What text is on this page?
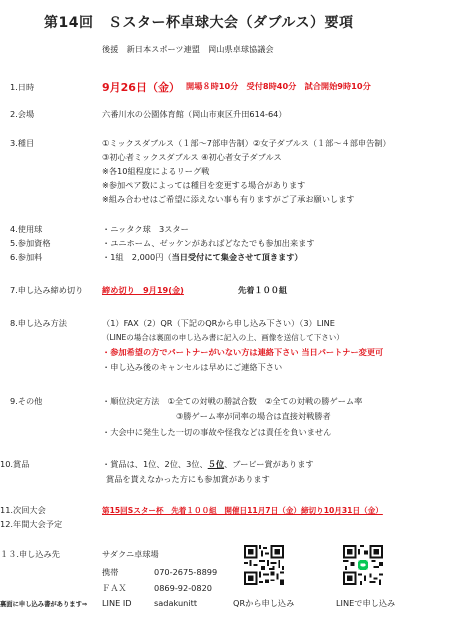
第14回　Ｓスター杯卓球大会（ダブルス）要項
後援　新日本スポーツ連盟　岡山県卓球協議会
1.日時	9月26日（金） 開場８時10分　受付8時40分　試合開始9時10分
2.会場	六番川水の公園体育館（岡山市東区升田614-64）
3.種目	①ミックスダブルス（１部〜7部申告制）②女子ダブルス（１部〜４部申告制）
③初心者ミックスダブルス ④初心者女子ダブルス
※各10組程度によるリーグ戦
※参加ペア数によっては種目を変更する場合があります
※組み合わせはご希望に添えない事も有りますがご了承お願いします
4.使用球	・ニッタク球　3スター
5.参加資格	・ユニホーム、ゼッケンがあればどなたでも参加出来ます
6.参加料	・1組　2,000円（当日受付にて集金させて頂きます）
7.申し込み締め切り 締め切り　9月19(金)	先着１００組
8.申し込み方法	（1）FAX（2）QR（下記のQRから申し込み下さい）（3）LINE
（LINEの場合は裏面の申し込み書に記入の上、画像を送信して下さい）
・参加希望の方でパートナーがいない方は連絡下さい 当日パートナー変更可
・申し込み後のキャンセルは早めにご連絡下さい
9.その他	・順位決定方法　①全ての対戦の勝試合数　②全ての対戦の勝ゲーム率
③勝ゲーム率が同率の場合は直接対戦勝者
・大会中に発生した一切の事故や怪我などは責任を負いません
10.賞品	・賞品は、1位、2位、3位、５位、ブービー賞があります
賞品を貰えなかった方にも参加賞があります
11.次回大会	第15回Sスター杯　先着１００組　開催日11月7日（金）締切り10月31日（金）
12.年間大会予定
１３.申し込み先	サダクニ卓球場
携帯	070-2675-8899
ＦＡＸ	0869-92-0820
裏面に申し込み書があります⇒ LINE ID	sadakunitt	QRから申し込み	LINEで申し込み
